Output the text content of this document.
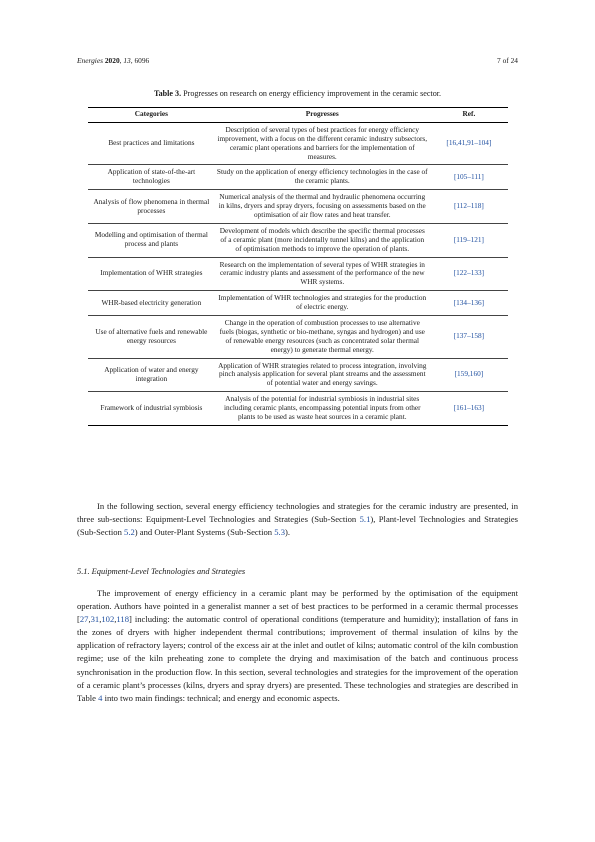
Energies 2020, 13, 6096	7 of 24
Table 3. Progresses on research on energy efficiency improvement in the ceramic sector.
Categories	Progresses	Ref.
Best practices and limitations	Description of several types of best practices for energy efficiency improvement, with a focus on the different ceramic industry subsectors, ceramic plant operations and barriers for the implementation of measures.	[16,41,91–104]
Application of state-of-the-art technologies	Study on the application of energy efficiency technologies in the case of the ceramic plants.	[105–111]
Analysis of flow phenomena in thermal processes	Numerical analysis of the thermal and hydraulic phenomena occurring in kilns, dryers and spray dryers, focusing on assessments based on the optimisation of air flow rates and heat transfer.	[112–118]
Modelling and optimisation of thermal process and plants	Development of models which describe the specific thermal processes of a ceramic plant (more incidentally tunnel kilns) and the application of optimisation methods to improve the operation of plants.	[119–121]
Implementation of WHR strategies	Research on the implementation of several types of WHR strategies in ceramic industry plants and assessment of the performance of the new WHR systems.	[122–133]
WHR-based electricity generation	Implementation of WHR technologies and strategies for the production of electric energy.	[134–136]
Use of alternative fuels and renewable energy resources	Change in the operation of combustion processes to use alternative fuels (biogas, synthetic or bio-methane, syngas and hydrogen) and use of renewable energy resources (such as concentrated solar thermal energy) to generate thermal energy.	[137–158]
Application of water and energy integration	Application of WHR strategies related to process integration, involving pinch analysis application for several plant streams and the assessment of potential water and energy savings.	[159,160]
Framework of industrial symbiosis	Analysis of the potential for industrial symbiosis in industrial sites including ceramic plants, encompassing potential inputs from other plants to be used as waste heat sources in a ceramic plant.	[161–163]

In the following section, several energy efficiency technologies and strategies for the ceramic industry are presented, in three sub-sections: Equipment-Level Technologies and Strategies (Sub-Section 5.1), Plant-level Technologies and Strategies (Sub-Section 5.2) and Outer-Plant Systems (Sub-Section 5.3).

5.1. Equipment-Level Technologies and Strategies

The improvement of energy efficiency in a ceramic plant may be performed by the optimisation of the equipment operation. Authors have pointed in a generalist manner a set of best practices to be performed in a ceramic thermal processes [27,31,102,118] including: the automatic control of operational conditions (temperature and humidity); installation of fans in the zones of dryers with higher independent thermal contributions; improvement of thermal insulation of kilns by the application of refractory layers; control of the excess air at the inlet and outlet of kilns; automatic control of the kiln combustion regime; use of the kiln preheating zone to complete the drying and maximisation of the batch and continuous process synchronisation in the production flow. In this section, several technologies and strategies for the improvement of the operation of a ceramic plant’s processes (kilns, dryers and spray dryers) are presented. These technologies and strategies are described in Table 4 into two main findings: technical; and energy and economic aspects.
